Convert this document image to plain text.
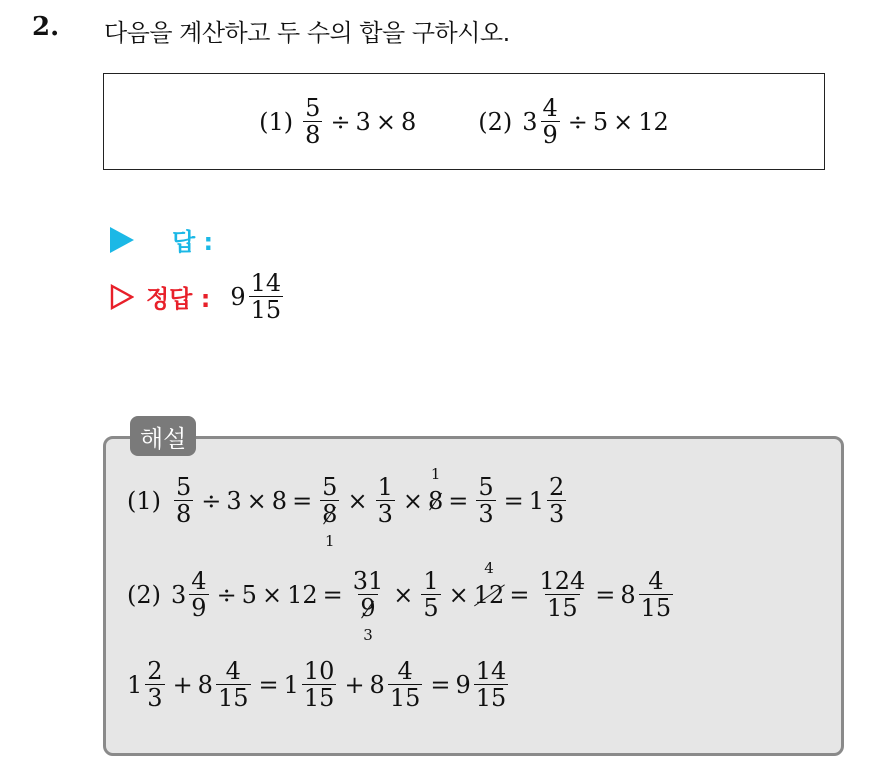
2. 다음을 계산하고 두 수의 합을 구하시오.
$(1) \frac{5}{8} \div 3 \times 8$	(2) $3 \frac{4}{9} \div 5 \times 12$
답 :
정답 : $9 \frac{14}{15}$
해설
$(1) \frac{5}{8} \div 3 \times 8 = 5$
8
$1 \times \frac{1}{3} \times 8$
1
= $\frac{5}{3} = 1 \frac{2}{3}$
(2) $3 \frac{4}{9} \div 5 \times 12 = 31$
9
$3 \times \frac{1}{5} \times 12$
4
= $\frac{124}{15} = 8 \frac{4}{15}$
$1 \frac{2}{3} + 8 \frac{4}{15} = 1 \frac{10}{15} + 8 \frac{4}{15} = 9 \frac{14}{15}$
